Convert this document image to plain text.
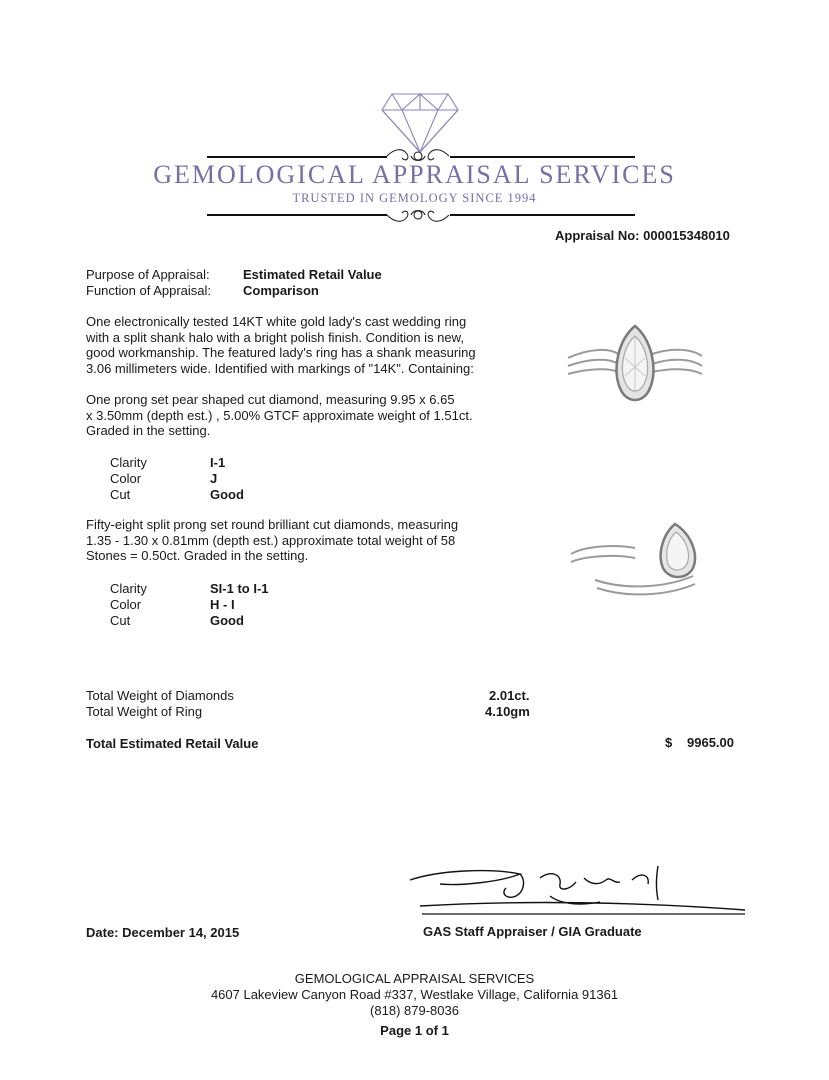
GEMOLOGICAL APPRAISAL SERVICES
TRUSTED IN GEMOLOGY SINCE 1994
Appraisal No: 000015348010
Purpose of Appraisal:	Estimated Retail Value
Function of Appraisal: Comparison
One electronically tested 14KT white gold lady's cast wedding ring
with a split shank halo with a bright polish finish. Condition is new,
good workmanship. The featured lady's ring has a shank measuring
3.06 millimeters wide. Identified with markings of "14K". Containing:
One prong set pear shaped cut diamond, measuring 9.95 x 6.65
x 3.50mm (depth est.) , 5.00% GTCF approximate weight of 1.51ct.
Graded in the setting.
Clarity	I-1
Color	J
Cut	Good
Fifty-eight split prong set round brilliant cut diamonds, measuring
1.35 - 1.30 x 0.81mm (depth est.) approximate total weight of 58
Stones = 0.50ct. Graded in the setting.
Clarity	SI-1 to I-1
Color	H - I
Cut	Good
Total Weight of Diamonds	2.01ct.
Total Weight of Ring	4.10gm
Total Estimated Retail Value	$ 9965.00
Date: December 14, 2015	GAS Staff Appraiser / GIA Graduate
GEMOLOGICAL APPRAISAL SERVICES
4607 Lakeview Canyon Road #337, Westlake Village, California 91361
(818) 879-8036
Page 1 of 1
